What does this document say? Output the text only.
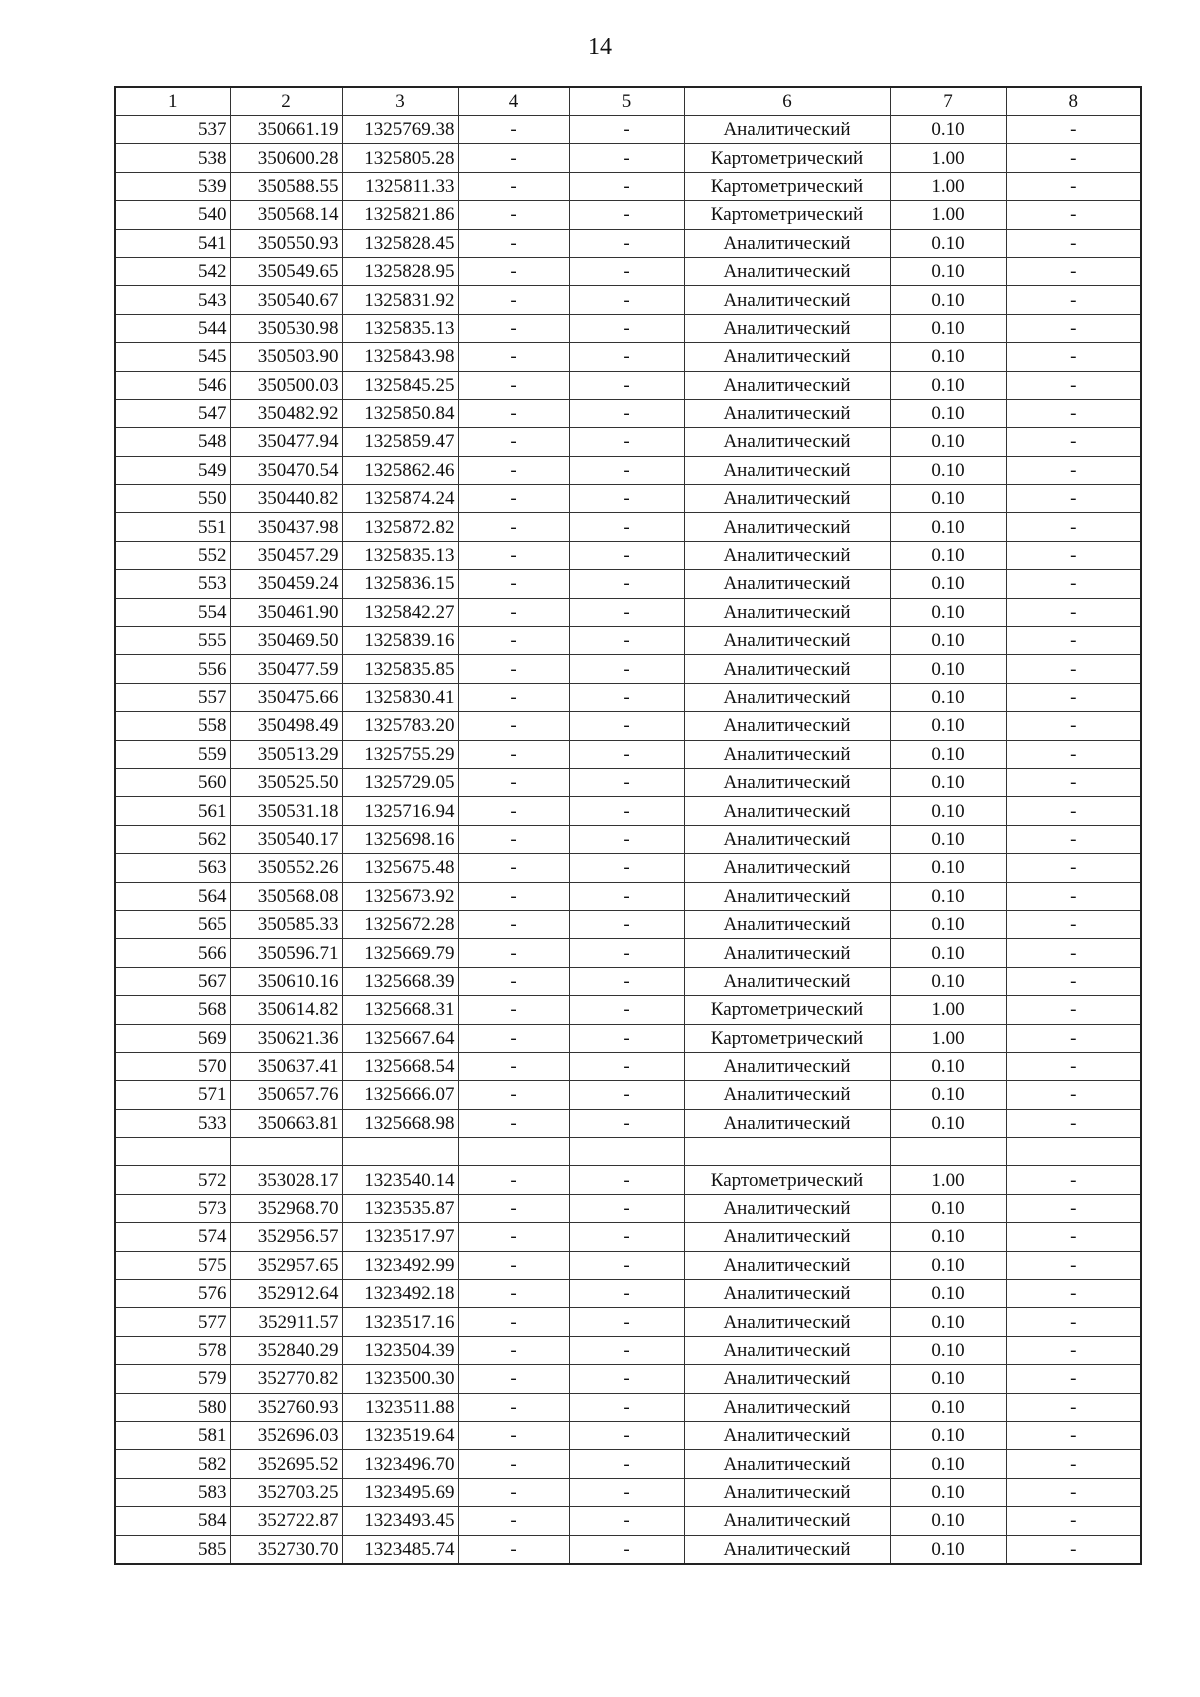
14
1	2	3	4	5	6	7	8
537	350661.19	1325769.38	-	-	Аналитический	0.10	-
538	350600.28	1325805.28	-	-	Картометрический	1.00	-
539	350588.55	1325811.33	-	-	Картометрический	1.00	-
540	350568.14	1325821.86	-	-	Картометрический	1.00	-
541	350550.93	1325828.45	-	-	Аналитический	0.10	-
542	350549.65	1325828.95	-	-	Аналитический	0.10	-
543	350540.67	1325831.92	-	-	Аналитический	0.10	-
544	350530.98	1325835.13	-	-	Аналитический	0.10	-
545	350503.90	1325843.98	-	-	Аналитический	0.10	-
546	350500.03	1325845.25	-	-	Аналитический	0.10	-
547	350482.92	1325850.84	-	-	Аналитический	0.10	-
548	350477.94	1325859.47	-	-	Аналитический	0.10	-
549	350470.54	1325862.46	-	-	Аналитический	0.10	-
550	350440.82	1325874.24	-	-	Аналитический	0.10	-
551	350437.98	1325872.82	-	-	Аналитический	0.10	-
552	350457.29	1325835.13	-	-	Аналитический	0.10	-
553	350459.24	1325836.15	-	-	Аналитический	0.10	-
554	350461.90	1325842.27	-	-	Аналитический	0.10	-
555	350469.50	1325839.16	-	-	Аналитический	0.10	-
556	350477.59	1325835.85	-	-	Аналитический	0.10	-
557	350475.66	1325830.41	-	-	Аналитический	0.10	-
558	350498.49	1325783.20	-	-	Аналитический	0.10	-
559	350513.29	1325755.29	-	-	Аналитический	0.10	-
560	350525.50	1325729.05	-	-	Аналитический	0.10	-
561	350531.18	1325716.94	-	-	Аналитический	0.10	-
562	350540.17	1325698.16	-	-	Аналитический	0.10	-
563	350552.26	1325675.48	-	-	Аналитический	0.10	-
564	350568.08	1325673.92	-	-	Аналитический	0.10	-
565	350585.33	1325672.28	-	-	Аналитический	0.10	-
566	350596.71	1325669.79	-	-	Аналитический	0.10	-
567	350610.16	1325668.39	-	-	Аналитический	0.10	-
568	350614.82	1325668.31	-	-	Картометрический	1.00	-
569	350621.36	1325667.64	-	-	Картометрический	1.00	-
570	350637.41	1325668.54	-	-	Аналитический	0.10	-
571	350657.76	1325666.07	-	-	Аналитический	0.10	-
533	350663.81	1325668.98	-	-	Аналитический	0.10	-

572	353028.17	1323540.14	-	-	Картометрический	1.00	-
573	352968.70	1323535.87	-	-	Аналитический	0.10	-
574	352956.57	1323517.97	-	-	Аналитический	0.10	-
575	352957.65	1323492.99	-	-	Аналитический	0.10	-
576	352912.64	1323492.18	-	-	Аналитический	0.10	-
577	352911.57	1323517.16	-	-	Аналитический	0.10	-
578	352840.29	1323504.39	-	-	Аналитический	0.10	-
579	352770.82	1323500.30	-	-	Аналитический	0.10	-
580	352760.93	1323511.88	-	-	Аналитический	0.10	-
581	352696.03	1323519.64	-	-	Аналитический	0.10	-
582	352695.52	1323496.70	-	-	Аналитический	0.10	-
583	352703.25	1323495.69	-	-	Аналитический	0.10	-
584	352722.87	1323493.45	-	-	Аналитический	0.10	-
585	352730.70	1323485.74	-	-	Аналитический	0.10	-
